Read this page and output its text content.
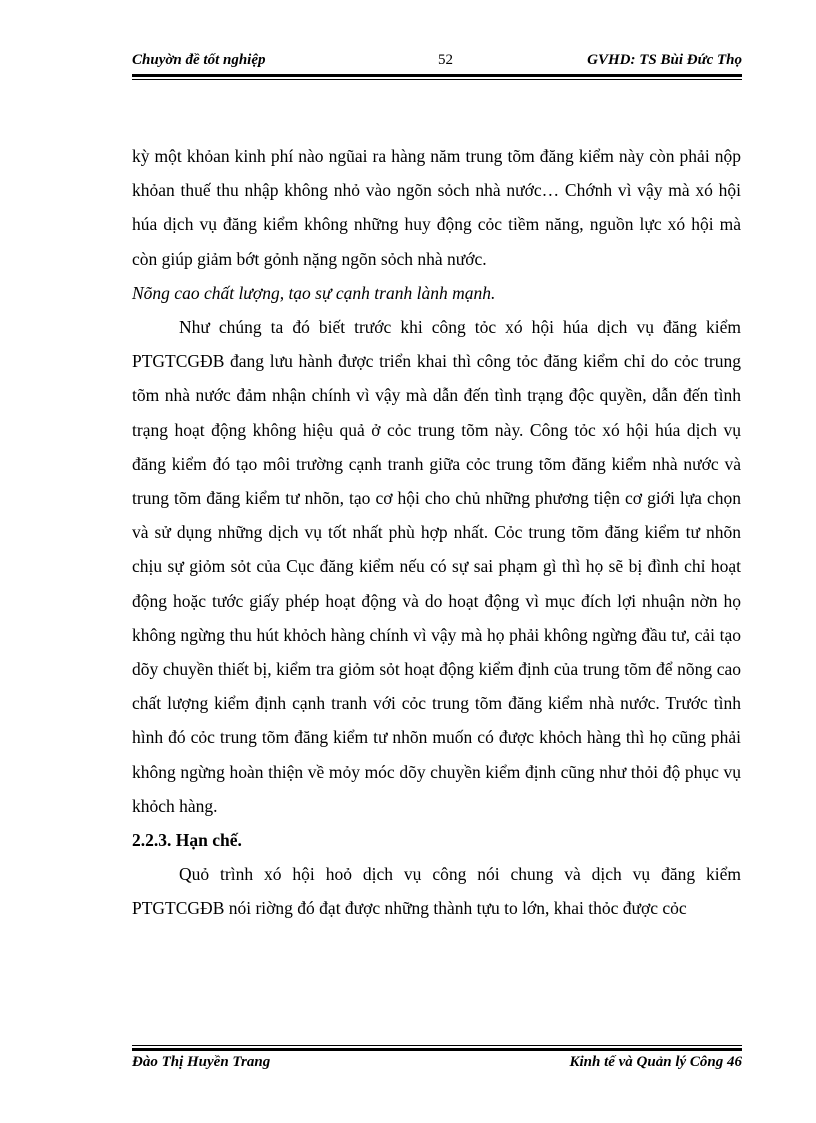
Chuyờn đề tốt nghiệp	52	GVHD: TS Bùi Đức Thọ

kỳ một khỏan kinh phí nào ngũai ra hàng năm trung tõm đăng kiểm này còn phải nộp khỏan thuế thu nhập không nhỏ vào ngõn sỏch nhà nước… Chớnh vì vậy mà xó hội húa dịch vụ đăng kiểm không những huy động cỏc tiềm năng, nguồn lực xó hội mà còn giúp giảm bớt gỏnh nặng ngõn sỏch nhà nước.

Nõng cao chất lượng, tạo sự cạnh tranh lành mạnh.

Như chúng ta đó biết trước khi công tỏc xó hội húa dịch vụ đăng kiểm PTGTCGĐB đang lưu hành được triển khai thì công tỏc đăng kiểm chỉ do cỏc trung tõm nhà nước đảm nhận chính vì vậy mà dẫn đến tình trạng độc quyền, dẫn đến tình trạng hoạt động không hiệu quả ở cỏc trung tõm này. Công tỏc xó hội húa dịch vụ đăng kiểm đó tạo môi trường cạnh tranh giữa cỏc trung tõm đăng kiểm nhà nước và trung tõm đăng kiểm tư nhõn, tạo cơ hội cho chủ những phương tiện cơ giới lựa chọn và sử dụng những dịch vụ tốt nhất phù hợp nhất. Cỏc trung tõm đăng kiểm tư nhõn chịu sự giỏm sỏt của Cục đăng kiểm nếu có sự sai phạm gì thì họ sẽ bị đình chỉ hoạt động hoặc tước giấy phép hoạt động và do hoạt động vì mục đích lợi nhuận nờn họ không ngừng thu hút khỏch hàng chính vì vậy mà họ phải không ngừng đầu tư, cải tạo dõy chuyền thiết bị, kiểm tra giỏm sỏt hoạt động kiểm định của trung tõm để nõng cao chất lượng kiểm định cạnh tranh với cỏc trung tõm đăng kiểm nhà nước. Trước tình hình đó cỏc trung tõm đăng kiểm tư nhõn muốn có được khỏch hàng thì họ cũng phải không ngừng hoàn thiện về mỏy móc dõy chuyền kiểm định cũng như thỏi độ phục vụ khỏch hàng.

2.2.3. Hạn chế.

Quỏ trình xó hội hoỏ dịch vụ công nói chung và dịch vụ đăng kiểm PTGTCGĐB nói riờng đó đạt được những thành tựu to lớn, khai thỏc được cỏc

Đào Thị Huyền Trang	Kinh tế và Quản lý Công 46
